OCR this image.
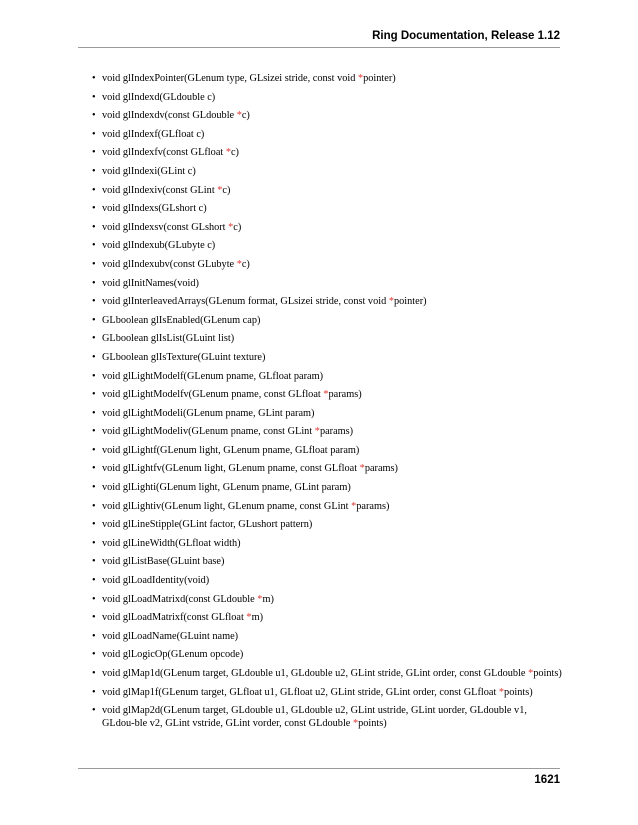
Ring Documentation, Release 1.12
• void glIndexPointer(GLenum type, GLsizei stride, const void *pointer)
• void glIndexd(GLdouble c)
• void glIndexdv(const GLdouble *c)
• void glIndexf(GLfloat c)
• void glIndexfv(const GLfloat *c)
• void glIndexi(GLint c)
• void glIndexiv(const GLint *c)
• void glIndexs(GLshort c)
• void glIndexsv(const GLshort *c)
• void glIndexub(GLubyte c)
• void glIndexubv(const GLubyte *c)
• void glInitNames(void)
• void glInterleavedArrays(GLenum format, GLsizei stride, const void *pointer)
• GLboolean glIsEnabled(GLenum cap)
• GLboolean glIsList(GLuint list)
• GLboolean glIsTexture(GLuint texture)
• void glLightModelf(GLenum pname, GLfloat param)
• void glLightModelfv(GLenum pname, const GLfloat *params)
• void glLightModeli(GLenum pname, GLint param)
• void glLightModeliv(GLenum pname, const GLint *params)
• void glLightf(GLenum light, GLenum pname, GLfloat param)
• void glLightfv(GLenum light, GLenum pname, const GLfloat *params)
• void glLighti(GLenum light, GLenum pname, GLint param)
• void glLightiv(GLenum light, GLenum pname, const GLint *params)
• void glLineStipple(GLint factor, GLushort pattern)
• void glLineWidth(GLfloat width)
• void glListBase(GLuint base)
• void glLoadIdentity(void)
• void glLoadMatrixd(const GLdouble *m)
• void glLoadMatrixf(const GLfloat *m)
• void glLoadName(GLuint name)
• void glLogicOp(GLenum opcode)
• void glMap1d(GLenum target, GLdouble u1, GLdouble u2, GLint stride, GLint order, const GLdouble *points)
• void glMap1f(GLenum target, GLfloat u1, GLfloat u2, GLint stride, GLint order, const GLfloat *points)
• void glMap2d(GLenum target, GLdouble u1, GLdouble u2, GLint ustride, GLint uorder, GLdouble v1, GLdou-ble v2, GLint vstride, GLint vorder, const GLdouble *points)
1621
